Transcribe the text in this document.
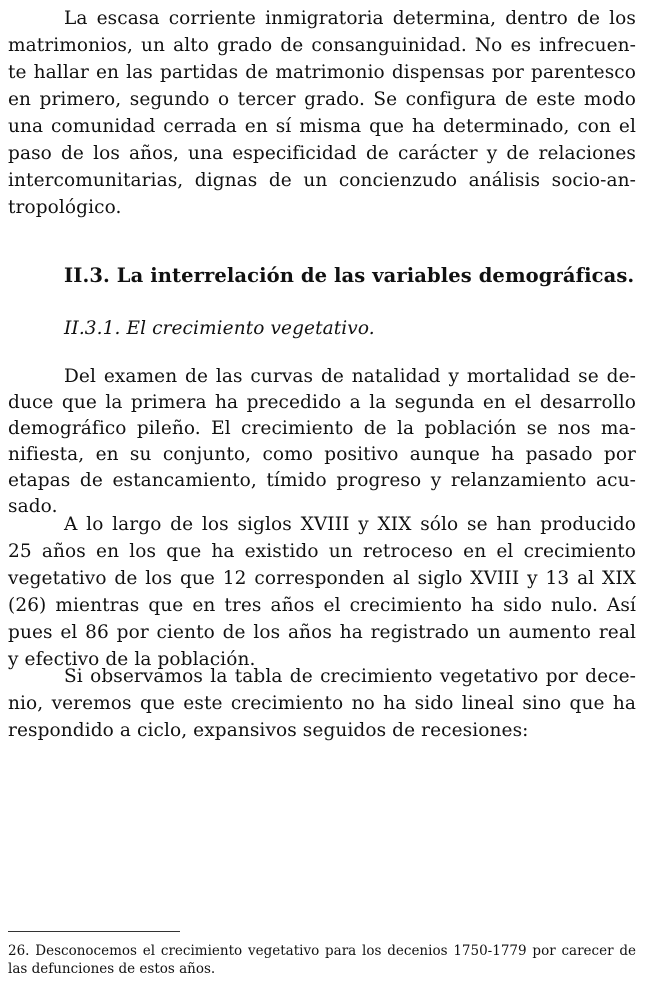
La escasa corriente inmigratoria determina, dentro de los
matrimonios, un alto grado de consanguinidad. No es infrecuen-
te hallar en las partidas de matrimonio dispensas por parentesco
en primero, segundo o tercer grado. Se configura de este modo
una comunidad cerrada en sí misma que ha determinado, con el
paso de los años, una especificidad de carácter y de relaciones
intercomunitarias, dignas de un concienzudo análisis socio-an-
tropológico.
II.3. La interrelación de las variables demográficas.
II.3.1. El crecimiento vegetativo.
Del examen de las curvas de natalidad y mortalidad se de-
duce que la primera ha precedido a la segunda en el desarrollo
demográfico pileño. El crecimiento de la población se nos ma-
nifiesta, en su conjunto, como positivo aunque ha pasado por
etapas de estancamiento, tímido progreso y relanzamiento acu-
sado.
A lo largo de los siglos XVIII y XIX sólo se han producido
25 años en los que ha existido un retroceso en el crecimiento
vegetativo de los que 12 corresponden al siglo XVIII y 13 al XIX
(26) mientras que en tres años el crecimiento ha sido nulo. Así
pues el 86 por ciento de los años ha registrado un aumento real
y efectivo de la población.
Si observamos la tabla de crecimiento vegetativo por dece-
nio, veremos que este crecimiento no ha sido lineal sino que ha
respondido a ciclo, expansivos seguidos de recesiones:
26. Desconocemos el crecimiento vegetativo para los decenios 1750-1779 por carecer de
las defunciones de estos años.
